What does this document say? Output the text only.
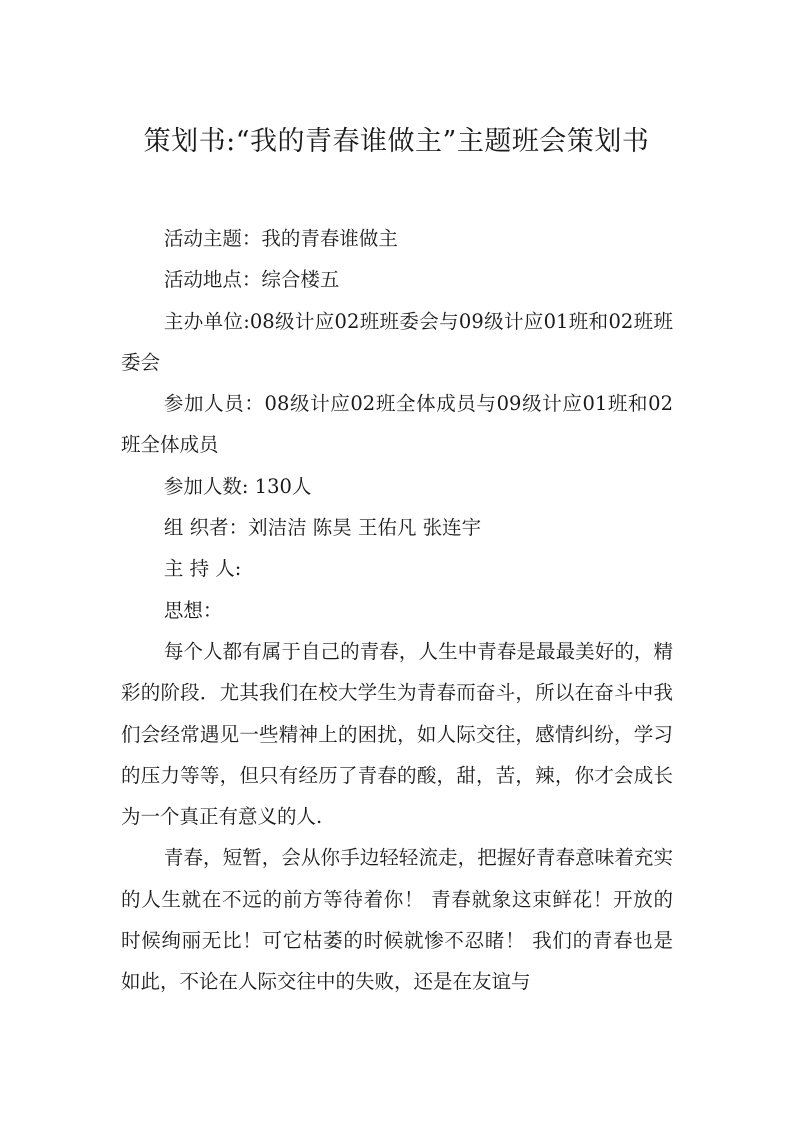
策划书:“我的青春谁做主”主题班会策划书

活动主题：我的青春谁做主

活动地点：综合楼五

主办单位:08级计应02班班委会与09级计应01班和02班班委会

参加人员：08级计应02班全体成员与09级计应01班和02班全体成员

参加人数: 130人

组 织者：刘洁洁 陈昊 王佑凡 张连宇

主 持 人:

思想：

每个人都有属于自己的青春，人生中青春是最最美好的，精彩的阶段．尤其我们在校大学生为青春而奋斗，所以在奋斗中我们会经常遇见一些精神上的困扰，如人际交往，感情纠纷，学习的压力等等，但只有经历了青春的酸，甜，苦，辣，你才会成长为一个真正有意义的人.

青春，短暂，会从你手边轻轻流走，把握好青春意味着充实的人生就在不远的前方等待着你！ 青春就象这束鲜花！开放的时候绚丽无比！可它枯萎的时候就惨不忍睹！ 我们的青春也是如此，不论在人际交往中的失败，还是在友谊与
